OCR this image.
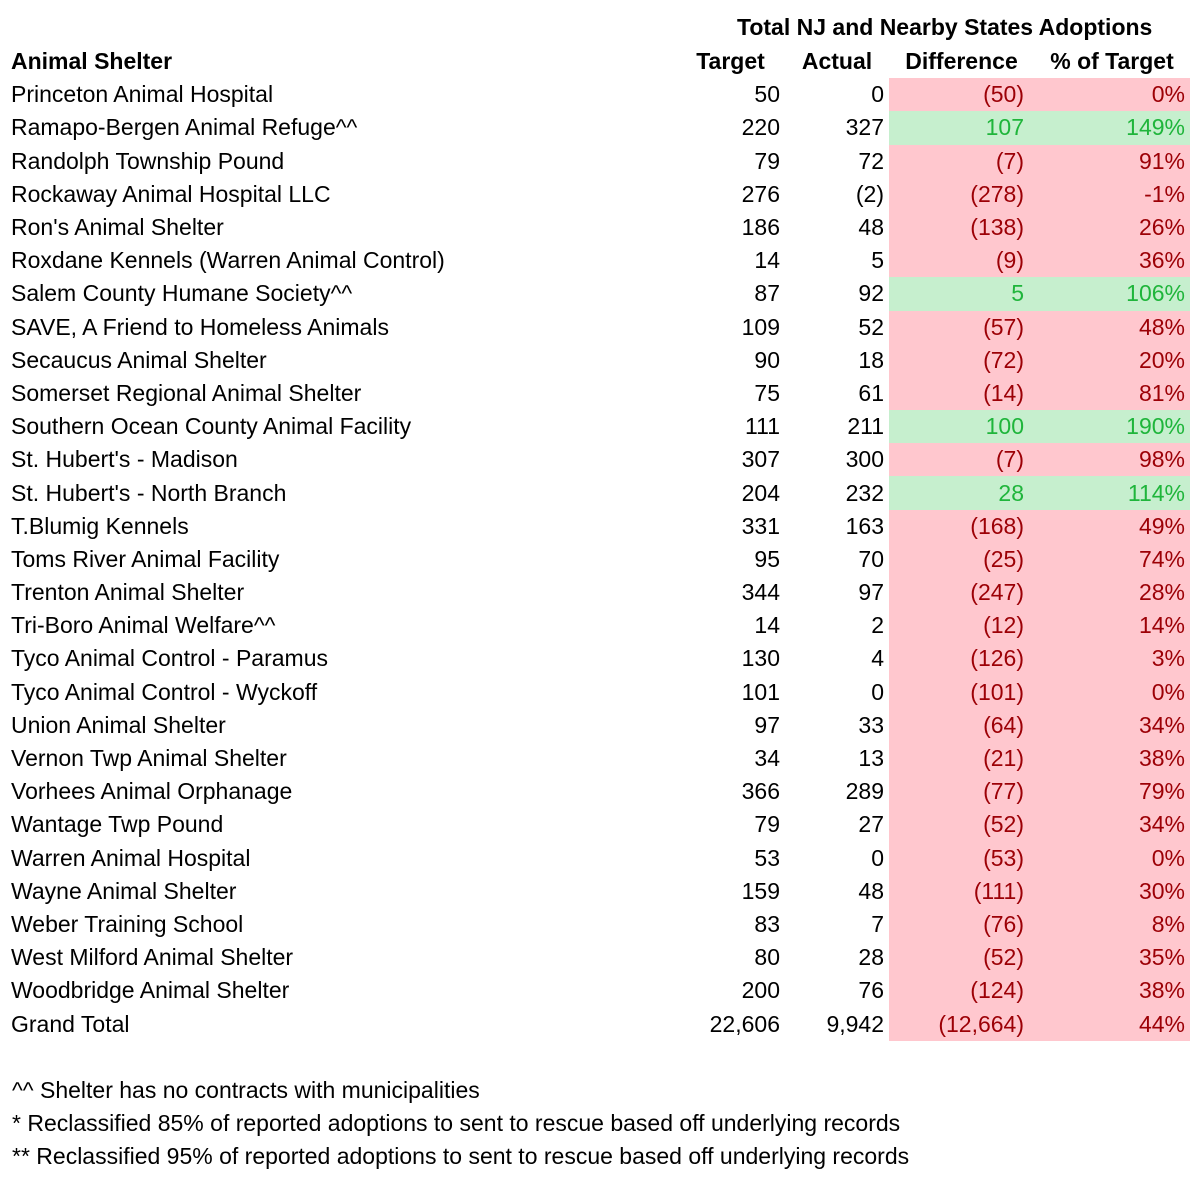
Total NJ and Nearby States Adoptions
Animal Shelter	Target	Actual	Difference	% of Target
Princeton Animal Hospital	50	0	(50)	0%
Ramapo-Bergen Animal Refuge^^	220	327	107	149%
Randolph Township Pound	79	72	(7)	91%
Rockaway Animal Hospital LLC	276	(2)	(278)	-1%
Ron's Animal Shelter	186	48	(138)	26%
Roxdane Kennels (Warren Animal Control)	14	5	(9)	36%
Salem County Humane Society^^	87	92	5	106%
SAVE, A Friend to Homeless Animals	109	52	(57)	48%
Secaucus Animal Shelter	90	18	(72)	20%
Somerset Regional Animal Shelter	75	61	(14)	81%
Southern Ocean County Animal Facility	111	211	100	190%
St. Hubert's - Madison	307	300	(7)	98%
St. Hubert's - North Branch	204	232	28	114%
T.Blumig Kennels	331	163	(168)	49%
Toms River Animal Facility	95	70	(25)	74%
Trenton Animal Shelter	344	97	(247)	28%
Tri-Boro Animal Welfare^^	14	2	(12)	14%
Tyco Animal Control - Paramus	130	4	(126)	3%
Tyco Animal Control - Wyckoff	101	0	(101)	0%
Union Animal Shelter	97	33	(64)	34%
Vernon Twp Animal Shelter	34	13	(21)	38%
Vorhees Animal Orphanage	366	289	(77)	79%
Wantage Twp Pound	79	27	(52)	34%
Warren Animal Hospital	53	0	(53)	0%
Wayne Animal Shelter	159	48	(111)	30%
Weber Training School	83	7	(76)	8%
West Milford Animal Shelter	80	28	(52)	35%
Woodbridge Animal Shelter	200	76	(124)	38%
Grand Total	22,606	9,942	(12,664)	44%
^^ Shelter has no contracts with municipalities
* Reclassified 85% of reported adoptions to sent to rescue based off underlying records
** Reclassified 95% of reported adoptions to sent to rescue based off underlying records
